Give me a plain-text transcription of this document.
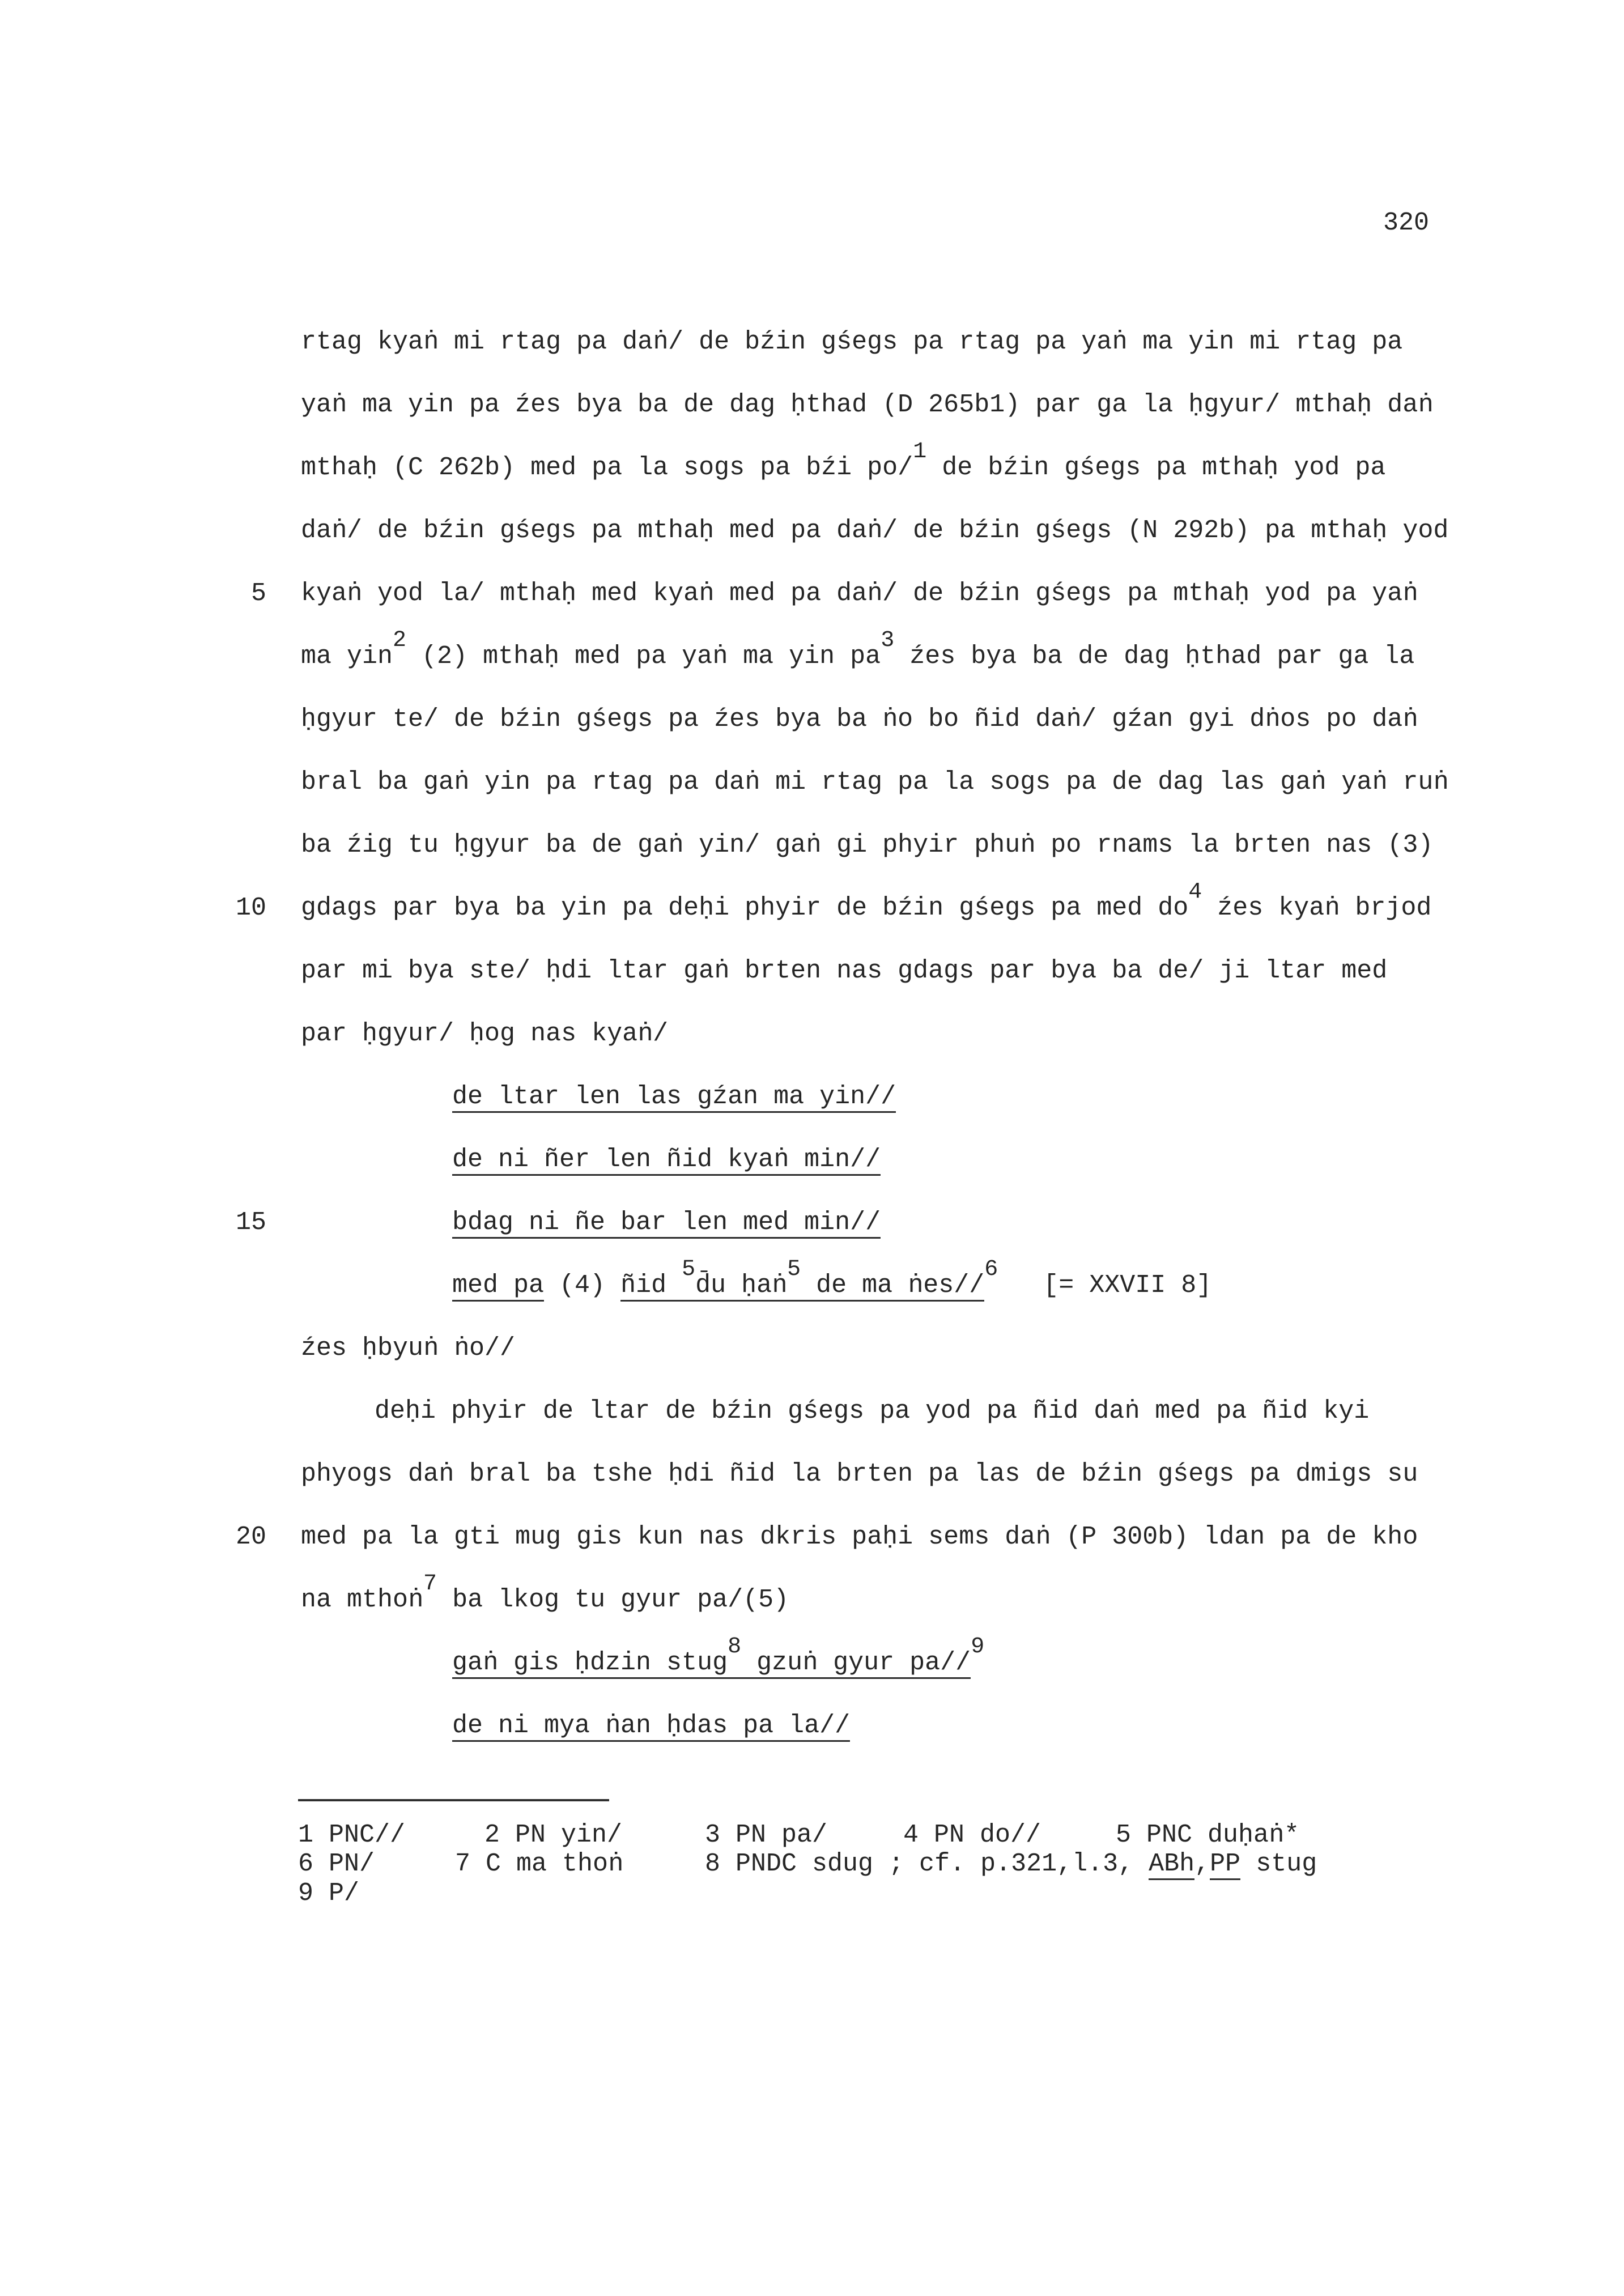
320
rtag kyaṅ mi rtag pa daṅ/ de bźin gśegs pa rtag pa yaṅ ma yin mi rtag pa
yaṅ ma yin pa źes bya ba de dag ḥthad (D 265b1) par ga la ḥgyur/ mthaḥ daṅ
mthaḥ (C 262b) med pa la sogs pa bźi po/1 de bźin gśegs pa mthaḥ yod pa
daṅ/ de bźin gśegs pa mthaḥ med pa daṅ/ de bźin gśegs (N 292b) pa mthaḥ yod
5 kyaṅ yod la/ mthaḥ med kyaṅ med pa daṅ/ de bźin gśegs pa mthaḥ yod pa yaṅ
ma yin2 (2) mthaḥ med pa yaṅ ma yin pa3 źes bya ba de dag ḥthad par ga la
ḥgyur te/ de bźin gśegs pa źes bya ba ṅo bo ñid daṅ/ gźan gyi dṅos po daṅ
bral ba gaṅ yin pa rtag pa daṅ mi rtag pa la sogs pa de dag las gaṅ yaṅ ruṅ
ba źig tu ḥgyur ba de gaṅ yin/ gaṅ gi phyir phuṅ po rnams la brten nas (3)
10 gdags par bya ba yin pa deḥi phyir de bźin gśegs pa med do4 źes kyaṅ brjod
par mi bya ste/ ḥdi ltar gaṅ brten nas gdags par bya ba de/ ji ltar med
par ḥgyur/ ḥog nas kyaṅ/
de ltar len las gźan ma yin//
de ni ñer len ñid kyaṅ min//
15	bdag ni ñe bar len med min//
med pa (4) ñid 5d̄u ḥaṅ5 de ma ṅes//6[= XXVII 8]
źes ḥbyuṅ ṅo//
deḥi phyir de ltar de bźin gśegs pa yod pa ñid daṅ med pa ñid kyi
phyogs daṅ bral ba tshe ḥdi ñid la brten pa las de bźin gśegs pa dmigs su
20 med pa la gti mug gis kun nas dkris paḥi sems daṅ (P 300b) ldan pa de kho
na mthoṅ7 ba lkog tu gyur pa/(5)
gaṅ gis ḥdzin stug8 gzuṅ gyur pa//9
de ni mya ṅan ḥdas pa la//
1 PNC//	2 PN yin/	3 PN pa/	4 PN do//	5 PNC duḥaṅ*
6 PN/	7 C ma thoṅ	8 PNDC sdug ; cf. p.321,l.3, ABh,PP stug
9 P/
